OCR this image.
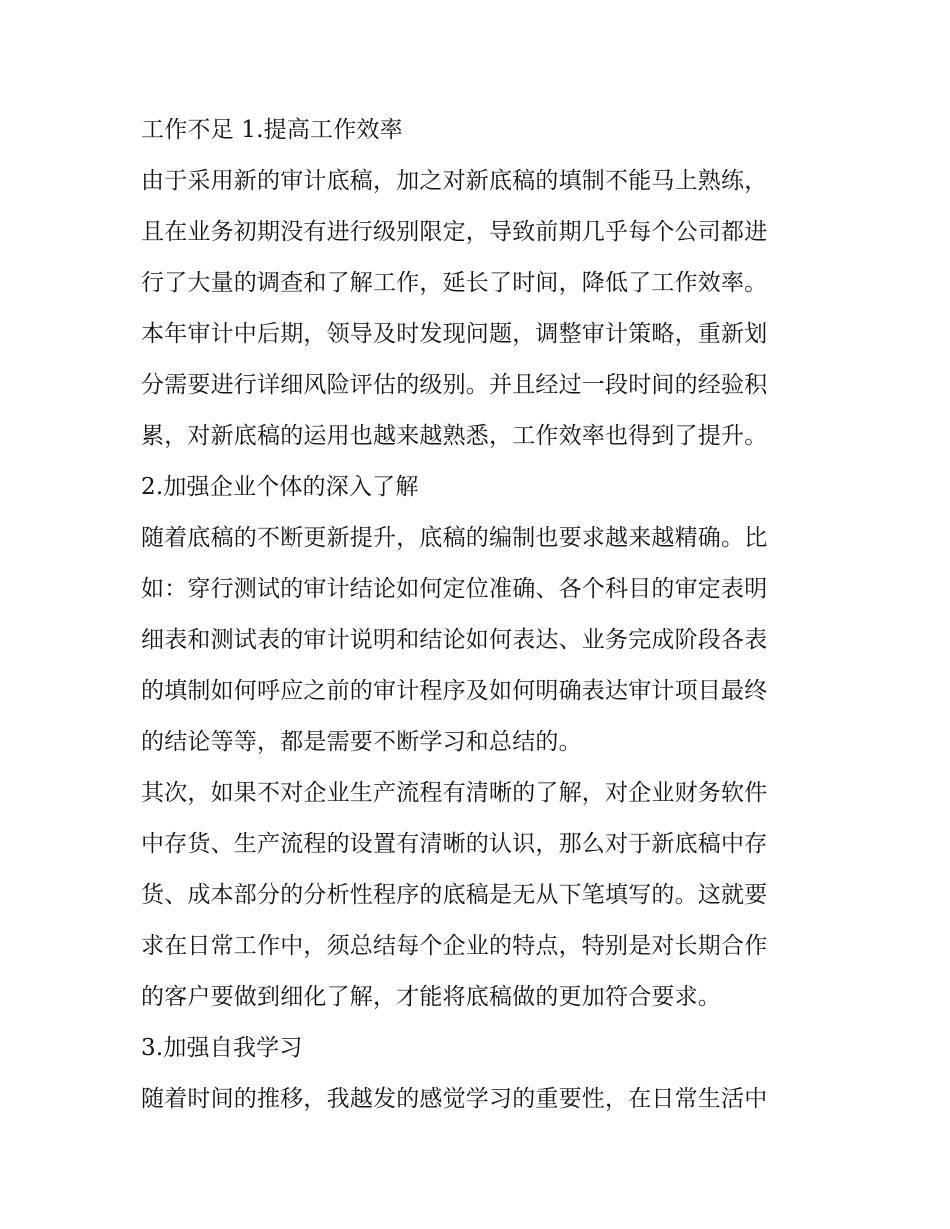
工作不足 1.提高工作效率
由于采用新的审计底稿，加之对新底稿的填制不能马上熟练，
且在业务初期没有进行级别限定，导致前期几乎每个公司都进
行了大量的调查和了解工作，延长了时间，降低了工作效率。
本年审计中后期，领导及时发现问题，调整审计策略，重新划
分需要进行详细风险评估的级别。并且经过一段时间的经验积
累，对新底稿的运用也越来越熟悉，工作效率也得到了提升。
2.加强企业个体的深入了解
随着底稿的不断更新提升，底稿的编制也要求越来越精确。比
如：穿行测试的审计结论如何定位准确、各个科目的审定表明
细表和测试表的审计说明和结论如何表达、业务完成阶段各表
的填制如何呼应之前的审计程序及如何明确表达审计项目最终
的结论等等，都是需要不断学习和总结的。
其次，如果不对企业生产流程有清晰的了解，对企业财务软件
中存货、生产流程的设置有清晰的认识，那么对于新底稿中存
货、成本部分的分析性程序的底稿是无从下笔填写的。这就要
求在日常工作中，须总结每个企业的特点，特别是对长期合作
的客户要做到细化了解，才能将底稿做的更加符合要求。
3.加强自我学习
随着时间的推移，我越发的感觉学习的重要性，在日常生活中
